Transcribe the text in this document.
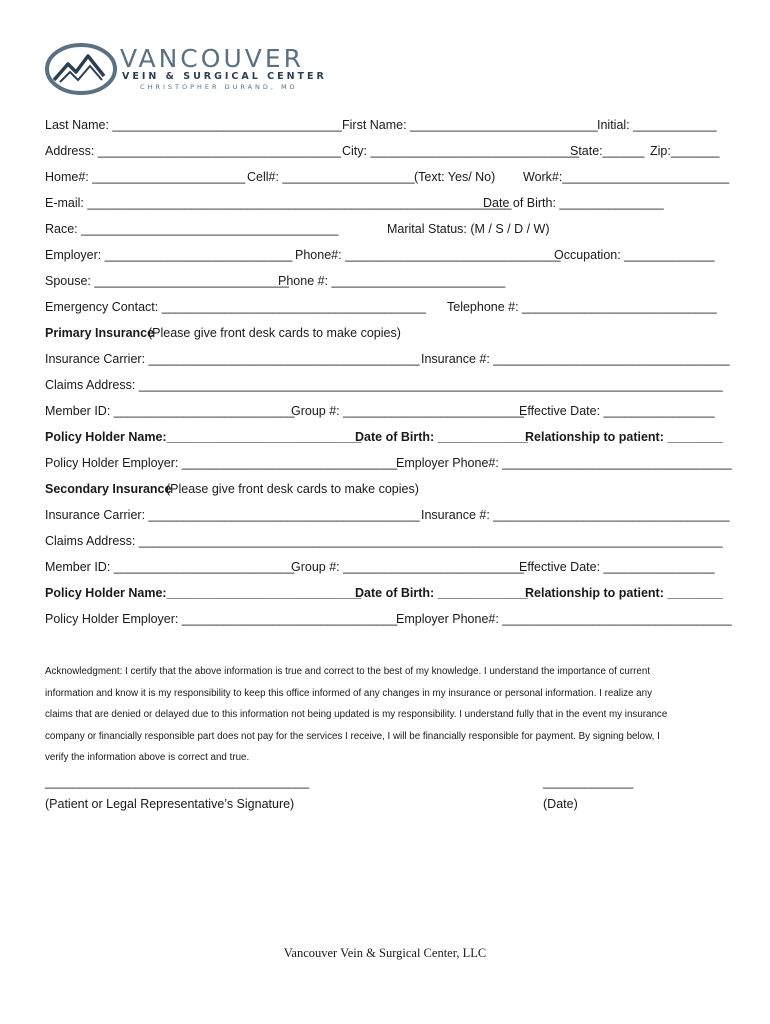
VANCOUVER
VEIN & SURGICAL CENTER
CHRISTOPHER DURAND, MD
Last Name: _________________________________ First Name: ___________________________ Initial: ____________
Address: ___________________________________ City: ______________________________
State:______ Zip:_______
Home#: ______________________ Cell#: ___________________ (Text: Yes/ No) Work#:________________________
E-mail: _____________________________________________________________
Date of Birth: _______________
Race: _____________________________________	Marital Status: (M / S / D / W)
Employer: ___________________________ Phone#: _______________________________
Occupation: _____________
Spouse: ____________________________
Phone #: _________________________
Emergency Contact: ______________________________________ Telephone #: ____________________________
Primary Insurance
(Please give front desk cards to make copies)
Insurance Carrier: _______________________________________ Insurance #: __________________________________
Claims Address: ____________________________________________________________________________________
Member ID: __________________________
Group #: __________________________
Effective Date: ________________
Policy Holder Name:____________________________
Date of Birth: _____________
Relationship to patient: ________
Policy Holder Employer: _______________________________
Employer Phone#: _________________________________
Secondary Insurance
(Please give front desk cards to make copies)
Insurance Carrier: _______________________________________ Insurance #: __________________________________
Claims Address: ____________________________________________________________________________________
Member ID: __________________________
Group #: __________________________
Effective Date: ________________
Policy Holder Name:____________________________
Date of Birth: _____________
Relationship to patient: ________
Policy Holder Employer: _______________________________
Employer Phone#: _________________________________

Acknowledgment: I certify that the above information is true and correct to the best of my knowledge. I understand the importance of current

information and know it is my responsibility to keep this office informed of any changes in my insurance or personal information. I realize any

claims that are denied or delayed due to this information not being updated is my responsibility. I understand fully that in the event my insurance

company or financially responsible part does not pay for the services I receive, I will be financially responsible for payment. By signing below, I

verify the information above is correct and true.

______________________________________
(Patient or Legal Representative’s Signature)
_____________
(Date)
Vancouver Vein & Surgical Center, LLC
